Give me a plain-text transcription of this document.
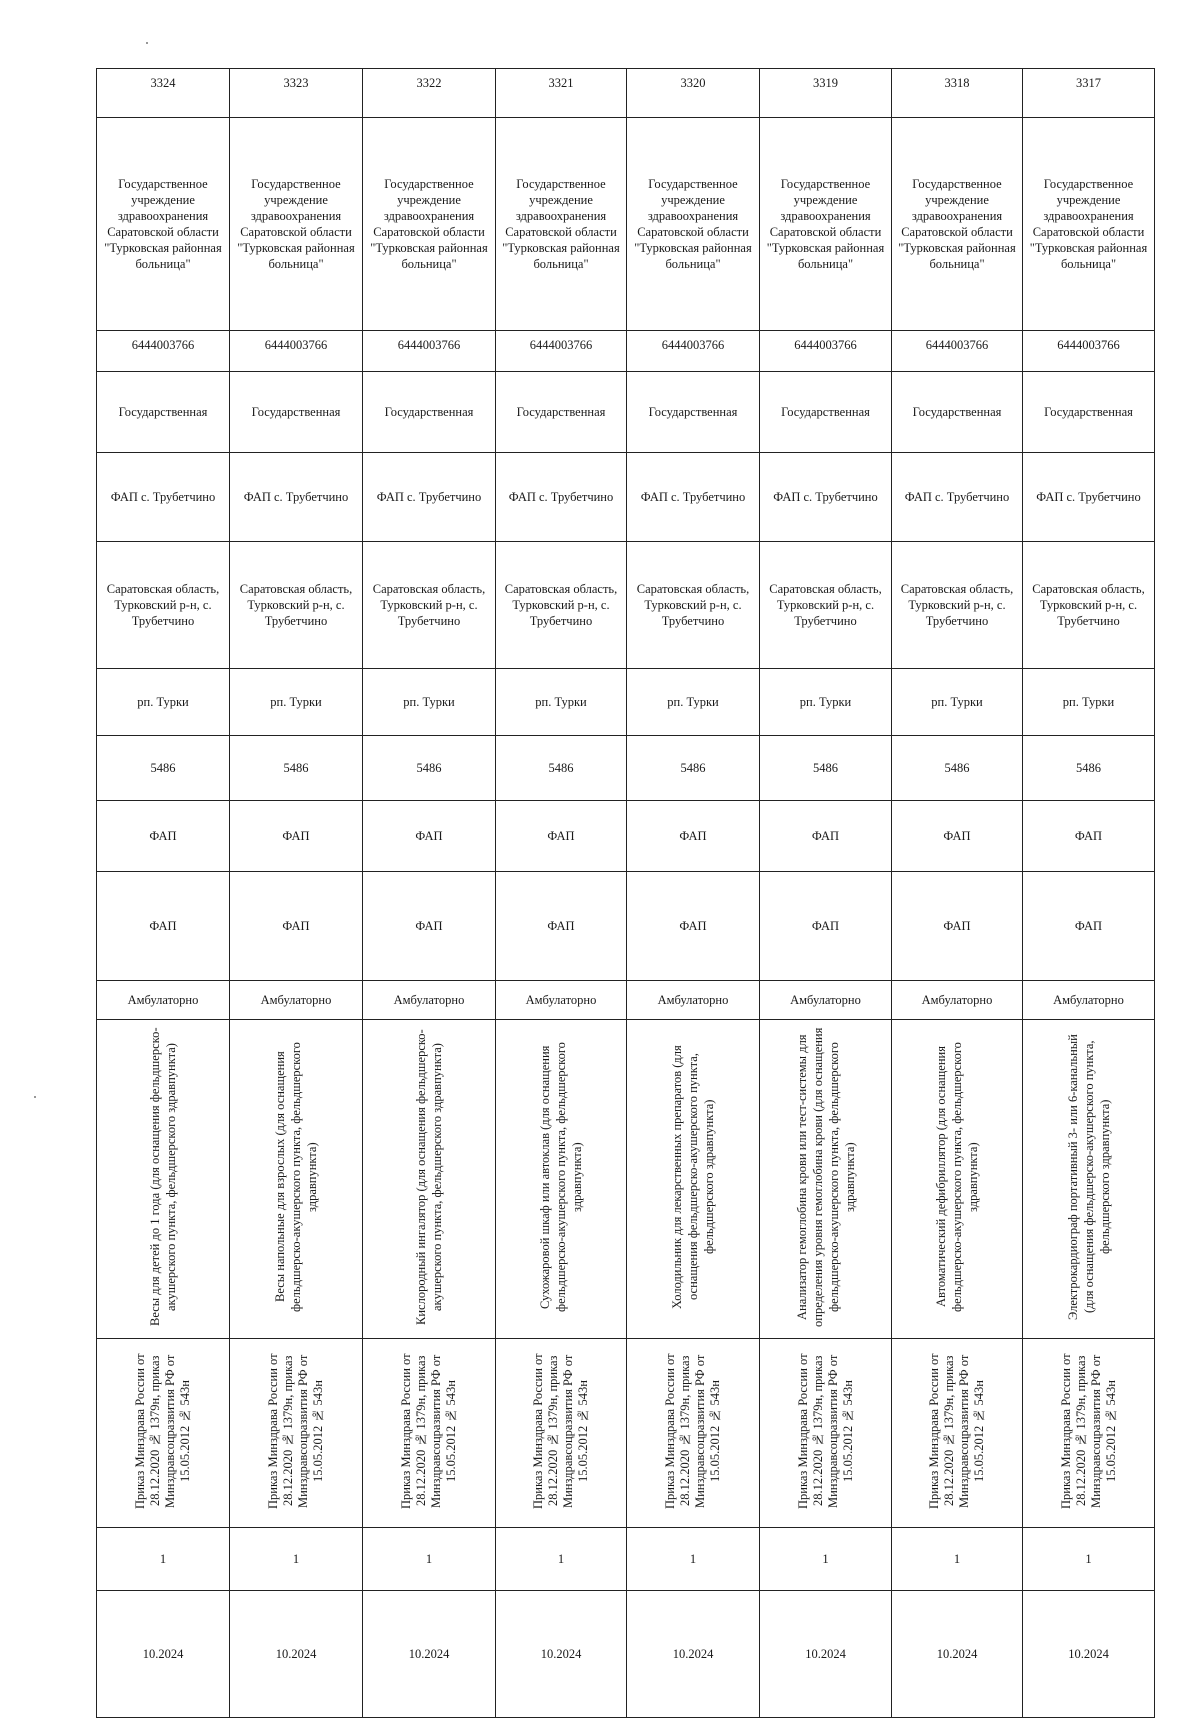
3324	3323	3322	3321	3320	3319	3318	3317
Государственное учреждение здравоохранения Саратовской области "Турковская районная больница"	Государственное учреждение здравоохранения Саратовской области "Турковская районная больница"	Государственное учреждение здравоохранения Саратовской области "Турковская районная больница"	Государственное учреждение здравоохранения Саратовской области "Турковская районная больница"	Государственное учреждение здравоохранения Саратовской области "Турковская районная больница"	Государственное учреждение здравоохранения Саратовской области "Турковская районная больница"	Государственное учреждение здравоохранения Саратовской области "Турковская районная больница"	Государственное учреждение здравоохранения Саратовской области "Турковская районная больница"
6444003766	6444003766	6444003766	6444003766	6444003766	6444003766	6444003766	6444003766
Государственная	Государственная	Государственная	Государственная	Государственная	Государственная	Государственная	Государственная
ФАП с. Трубетчино	ФАП с. Трубетчино	ФАП с. Трубетчино	ФАП с. Трубетчино	ФАП с. Трубетчино	ФАП с. Трубетчино	ФАП с. Трубетчино	ФАП с. Трубетчино
Саратовская область, Турковский р-н, с. Трубетчино	Саратовская область, Турковский р-н, с. Трубетчино	Саратовская область, Турковский р-н, с. Трубетчино	Саратовская область, Турковский р-н, с. Трубетчино	Саратовская область, Турковский р-н, с. Трубетчино	Саратовская область, Турковский р-н, с. Трубетчино	Саратовская область, Турковский р-н, с. Трубетчино	Саратовская область, Турковский р-н, с. Трубетчино
рп. Турки	рп. Турки	рп. Турки	рп. Турки	рп. Турки	рп. Турки	рп. Турки	рп. Турки
5486	5486	5486	5486	5486	5486	5486	5486
ФАП	ФАП	ФАП	ФАП	ФАП	ФАП	ФАП	ФАП
ФАП	ФАП	ФАП	ФАП	ФАП	ФАП	ФАП	ФАП
Амбулаторно	Амбулаторно	Амбулаторно	Амбулаторно	Амбулаторно	Амбулаторно	Амбулаторно	Амбулаторно
Весы для детей до 1 года (для оснащения фельдшерско-акушерского пункта, фельдшерского здравпункта)	Весы напольные для взрослых (для оснащения фельдшерско-акушерского пункта, фельдшерского здравпункта)	Кислородный ингалятор (для оснащения фельдшерско-акушерского пункта, фельдшерского здравпункта)	Сухожаровой шкаф или автоклав (для оснащения фельдшерско-акушерского пункта, фельдшерского здравпункта)	Холодильник для лекарственных препаратов (для оснащения фельдшерско-акушерского пункта, фельдшерского здравпункта)	Анализатор гемоглобина крови или тест-системы для определения уровня гемоглобина крови (для оснащения фельдшерско-акушерского пункта, фельдшерского здравпункта)	Автоматический дефибриллятор (для оснащения фельдшерско-акушерского пункта, фельдшерского здравпункта)	Электрокардиограф портативный 3- или 6-канальный (для оснащения фельдшерско-акушерского пункта, фельдшерского здравпункта)
Приказ Минздрава России от 28.12.2020 № 1379н, приказ Минздравсоцразвития РФ от 15.05.2012 № 543н	Приказ Минздрава России от 28.12.2020 № 1379н, приказ Минздравсоцразвития РФ от 15.05.2012 № 543н	Приказ Минздрава России от 28.12.2020 № 1379н, приказ Минздравсоцразвития РФ от 15.05.2012 № 543н	Приказ Минздрава России от 28.12.2020 № 1379н, приказ Минздравсоцразвития РФ от 15.05.2012 № 543н	Приказ Минздрава России от 28.12.2020 № 1379н, приказ Минздравсоцразвития РФ от 15.05.2012 № 543н	Приказ Минздрава России от 28.12.2020 № 1379н, приказ Минздравсоцразвития РФ от 15.05.2012 № 543н	Приказ Минздрава России от 28.12.2020 № 1379н, приказ Минздравсоцразвития РФ от 15.05.2012 № 543н	Приказ Минздрава России от 28.12.2020 № 1379н, приказ Минздравсоцразвития РФ от 15.05.2012 № 543н
1	1	1	1	1	1	1	1
10.2024	10.2024	10.2024	10.2024	10.2024	10.2024	10.2024	10.2024
